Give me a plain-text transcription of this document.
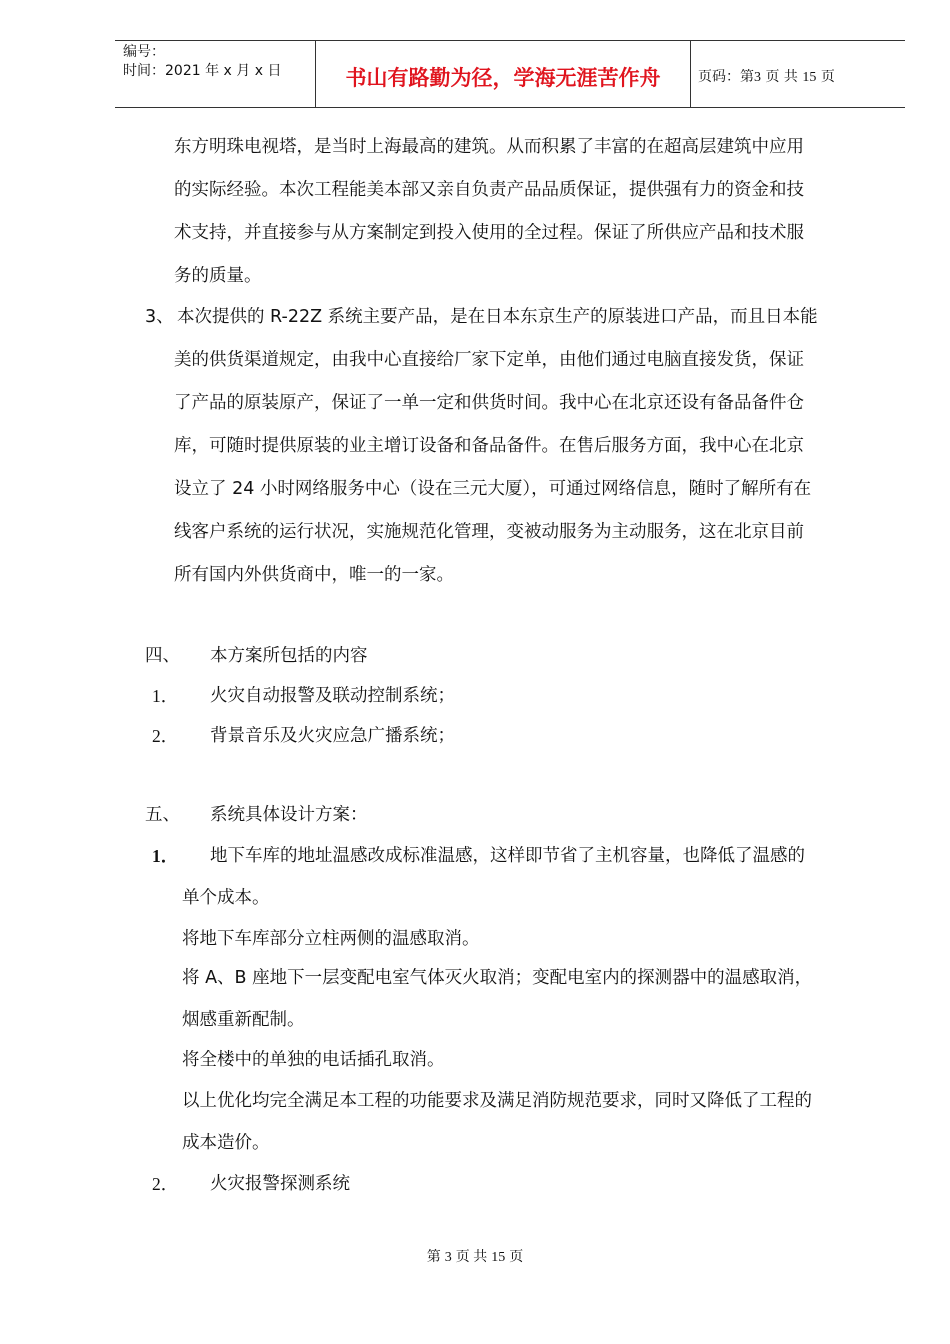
编号：
时间：2021 年 x 月 x 日	书山有路勤为径，学海无涯苦作舟	页码：第3 页 共 15 页
东方明珠电视塔，是当时上海最高的建筑。从而积累了丰富的在超高层建筑中应用
的实际经验。本次工程能美本部又亲自负责产品品质保证，提供强有力的资金和技
术支持，并直接参与从方案制定到投入使用的全过程。保证了所供应产品和技术服
务的质量。
3、 本次提供的 R-22Z 系统主要产品，是在日本东京生产的原装进口产品，而且日本能
美的供货渠道规定，由我中心直接给厂家下定单，由他们通过电脑直接发货，保证
了产品的原装原产，保证了一单一定和供货时间。我中心在北京还设有备品备件仓
库，可随时提供原装的业主增订设备和备品备件。在售后服务方面，我中心在北京
设立了 24 小时网络服务中心（设在三元大厦），可通过网络信息，随时了解所有在
线客户系统的运行状况，实施规范化管理，变被动服务为主动服务，这在北京目前
所有国内外供货商中，唯一的一家。
四、 本方案所包括的内容
1． 火灾自动报警及联动控制系统；
2． 背景音乐及火灾应急广播系统；
五、 系统具体设计方案：
1． 地下车库的地址温感改成标准温感，这样即节省了主机容量，也降低了温感的
单个成本。
将地下车库部分立柱两侧的温感取消。
将 A、B 座地下一层变配电室气体灭火取消；变配电室内的探测器中的温感取消，
烟感重新配制。
将全楼中的单独的电话插孔取消。
以上优化均完全满足本工程的功能要求及满足消防规范要求，同时又降低了工程的
成本造价。
2． 火灾报警探测系统
第 3 页 共 15 页
